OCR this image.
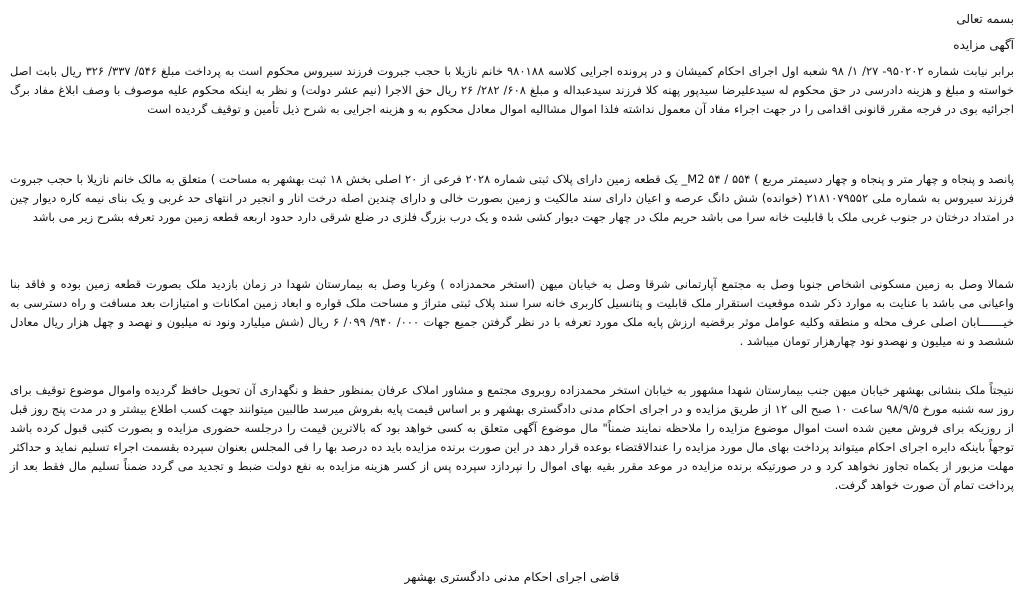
بسمه تعالی
آگهی مزایده

برابر نیابت شماره ۹۵۰۲۰۲- ۲۷/ ۱/ ۹۸ شعبه اول اجرای احکام کمیشان و در پرونده اجرایی کلاسه ۹۸۰۱۸۸ خانم نازیلا با حجب جبروت فرزند سیروس محکوم است به پرداخت مبلغ ۵۴۶/ ۳۳۷/ ۳۲۶ ریال بابت اصل خواسته و مبلغ و هزینه دادرسی در حق محکوم له سیدعلیرضا سیدپور پهنه کلا فرزند سیدعبداله و مبلغ ۶۰۸/ ۲۸۲/ ۲۶ ریال حق الاجرا (نیم عشر دولت) و نظر به اینکه محکوم علیه موصوف با وصف ابلاغ مفاد برگ اجرائیه بوی در فرجه مقرر قانونی اقدامی را در جهت اجراء مفاد آن معمول نداشته فلذا اموال مشاالیه اموال معادل محکوم به و هزینه اجرایی به شرح ذیل تأمین و توقیف گردیده است

پانصد و پنجاه و چهار متر و پنجاه و چهار دسیمتر مربع ) ۵۵۴ / ۵۴ M2_ یک قطعه زمین دارای پلاک ثبتی شماره ۲۰۲۸ فرعی از ۲۰ اصلی بخش ۱۸ ثبت بهشهر به مساحت ) متعلق به مالک خانم نازیلا با حجب جبروت فرزند سیروس به شماره ملی ۲۱۸۱۰۷۹۵۵۲ (خوانده) شش دانگ عرصه و اعیان دارای سند مالکیت و زمین بصورت خالی و دارای چندین اصله درخت انار و انجیر در انتهای حد غربی و یک بنای نیمه کاره دیوار چین در امتداد درختان در جنوب غربی ملک با قابلیت خانه سرا می باشد حریم ملک در چهار جهت دیوار کشی شده و یک درب بزرگ فلزی در ضلع شرقی دارد حدود اربعه قطعه زمین مورد تعرفه بشرح زیر می باشد

شمالا وصل به زمین مسکونی اشخاص جنوبا وصل به مجتمع آپارتمانی شرقا وصل به خیابان میهن (استخر محمدزاده ) وغربا وصل به بیمارستان شهدا در زمان بازدید ملک بصورت قطعه زمین بوده و فاقد بنا واعیانی می باشد با عنایت به موارد ذکر شده موقعیت استقرار ملک قابلیت و پتانسیل کاربری خانه سرا سند پلاک ثبتی متراژ و مساحت ملک قواره و ابعاد زمین امکانات و امتیازات بعد مسافت و راه دسترسی به خیـــــــابان اصلی عرف محله و منطقه وکلیه عوامل موثر برقضیه ارزش پایه ملک مورد تعرفه با در نظر گرفتن جمیع جهات ۰۰۰/ ۹۴۰/ ۰۹۹/ ۶ ریال (شش میلیارد ونود نه میلیون و نهصد و چهل هزار ریال معادل ششصد و نه میلیون و نهصدو نود چهارهزار تومان میباشد .

نتیجتاً ملک بنشانی بهشهر خیابان میهن جنب بیمارستان شهدا مشهور به خیابان استخر محمدزاده روبروی مجتمع و مشاور املاک عرفان بمنظور حفظ و نگهداری آن تحویل حافظ گردیده واموال موضوع توقیف برای روز سه شنبه مورخ ۹۸/۹/۵ ساعت ۱۰ صبح الی ۱۲ از طریق مزایده و در اجرای احکام مدنی دادگستری بهشهر و بر اساس قیمت پایه بفروش میرسد طالبین میتوانند جهت کسب اطلاع بیشتر و در مدت پنج روز قبل از روزیکه برای فروش معین شده است اموال موضوع مزایده را ملاحظه نمایند ضمناً" مال موضوع آگهی متعلق به کسی خواهد بود که بالاترین قیمت را درجلسه حضوری مزایده و بصورت کتبی قبول کرده باشد توجهاً باینکه دایره اجرای احکام میتواند پرداخت بهای مال مورد مزایده را عندالاقتضاء بوعده قرار دهد در این صورت برنده مزایده باید ده درصد بها را فی المجلس بعنوان سپرده بقسمت اجراء تسلیم نماید و حداکثر مهلت مزبور از یکماه تجاوز نخواهد کرد و در صورتیکه برنده مزایده در موعد مقرر بقیه بهای اموال را نپردازد سپرده پس از کسر هزینه مزایده به نفع دولت ضبط و تجدید می گردد ضمناً تسلیم مال فقط بعد از پرداخت تمام آن صورت خواهد گرفت.

قاضی اجرای احکام مدنی دادگستری بهشهر
